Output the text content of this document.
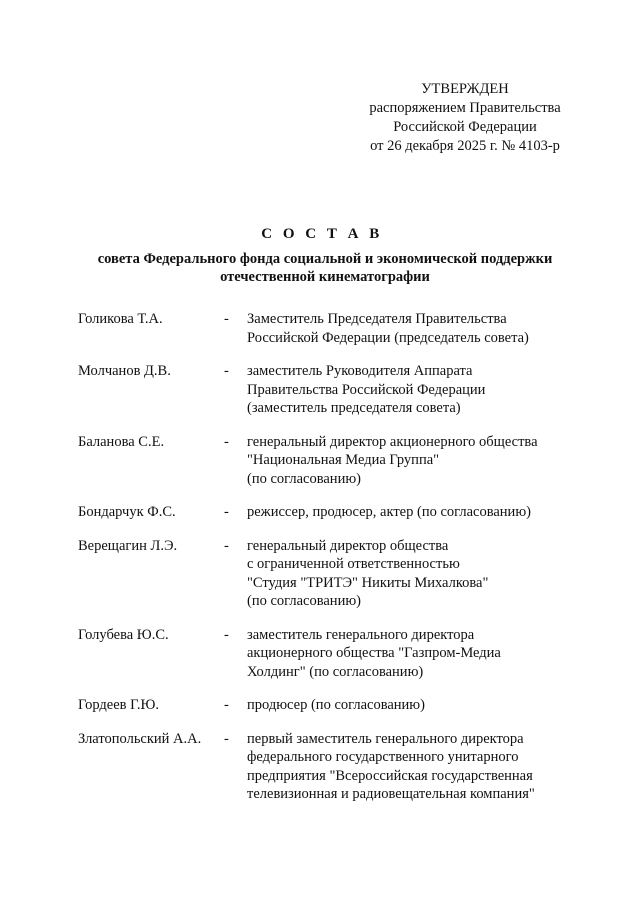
УТВЕРЖДЕН
распоряжением Правительства
Российской Федерации
от 26 декабря 2025 г. № 4103-р
С О С Т А В
совета Федерального фонда социальной и экономической поддержки
отечественной кинематографии
Голикова Т.А.	- Заместитель Председателя Правительства
Российской Федерации (председатель совета)
Молчанов Д.В.	- заместитель Руководителя Аппарата
Правительства Российской Федерации
(заместитель председателя совета)
Баланова С.Е.	- генеральный директор акционерного общества
"Национальная Медиа Группа"
(по согласованию)
Бондарчук Ф.С.	- режиссер, продюсер, актер (по согласованию)
Верещагин Л.Э.	- генеральный директор общества
с ограниченной ответственностью
"Студия "ТРИТЭ" Никиты Михалкова"
(по согласованию)
Голубева Ю.С.	- заместитель генерального директора
акционерного общества "Газпром-Медиа
Холдинг" (по согласованию)
Гордеев Г.Ю.	- продюсер (по согласованию)
Златопольский А.А. - первый заместитель генерального директора
федерального государственного унитарного
предприятия "Всероссийская государственная
телевизионная и радиовещательная компания"
